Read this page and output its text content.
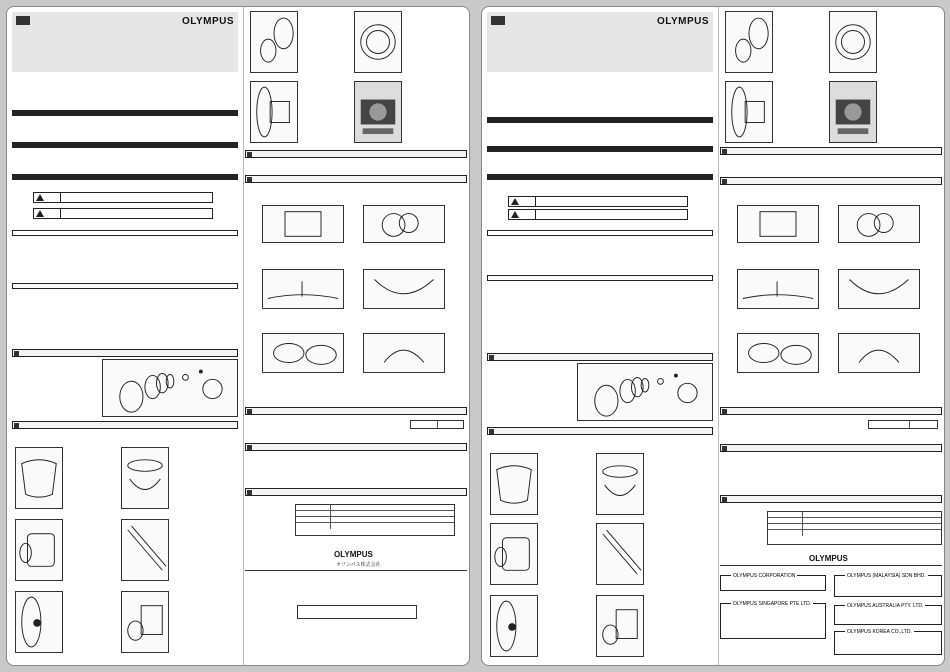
OLYMPUS
OLYMPUS
オリンパス株式会社
OLYMPUS
OLYMPUS
OLYMPUS CORPORATION	OLYMPUS (MALAYSIA) SDN BHD.
OLYMPUS SINGAPORE PTE LTD.	OLYMPUS AUSTRALIA PTY. LTD.
OLYMPUS KOREA CO.,LTD.
